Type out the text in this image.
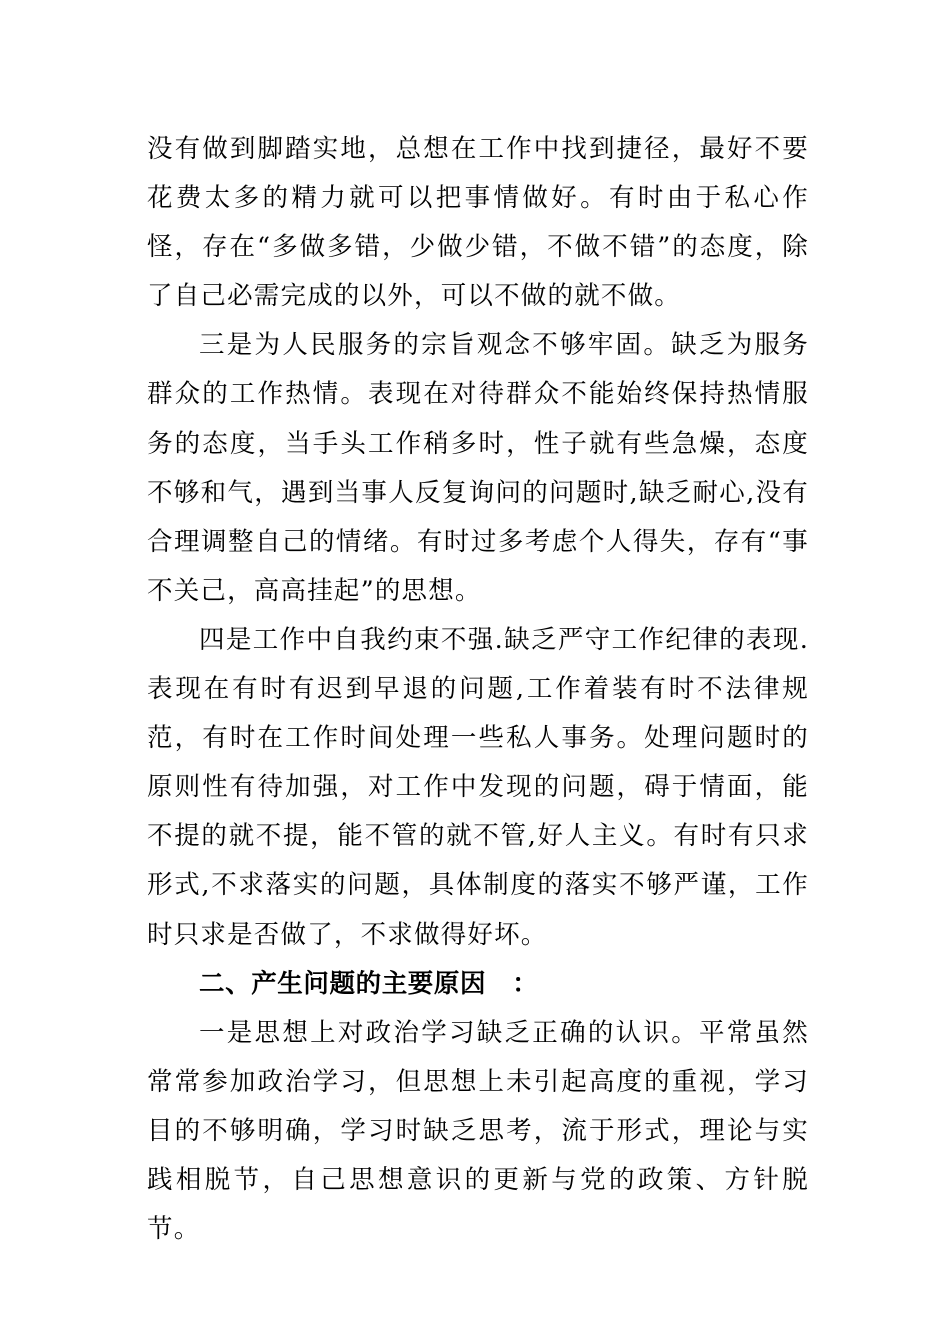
没有做到脚踏实地，总想在工作中找到捷径，最好不要花费太多的精力就可以把事情做好。有时由于私心作怪，存在“多做多错，少做少错，不做不错”的态度，除了自己必需完成的以外，可以不做的就不做。

三是为人民服务的宗旨观念不够牢固。缺乏为服务群众的工作热情。表现在对待群众不能始终保持热情服务的态度，当手头工作稍多时，性子就有些急燥，态度不够和气，遇到当事人反复询问的问题时,缺乏耐心,没有合理调整自己的情绪。有时过多考虑个人得失，存有“事不关己，高高挂起”的思想。

四是工作中自我约束不强.缺乏严守工作纪律的表现.表现在有时有迟到早退的问题,工作着装有时不法律规范，有时在工作时间处理一些私人事务。处理问题时的原则性有待加强，对工作中发现的问题，碍于情面，能不提的就不提，能不管的就不管,好人主义。有时有只求形式,不求落实的问题，具体制度的落实不够严谨，工作时只求是否做了，不求做得好坏。

二、产生问题的主要原因　：

一是思想上对政治学习缺乏正确的认识。平常虽然常常参加政治学习，但思想上未引起高度的重视，学习目的不够明确，学习时缺乏思考，流于形式，理论与实践相脱节，自己思想意识的更新与党的政策、方针脱节。
